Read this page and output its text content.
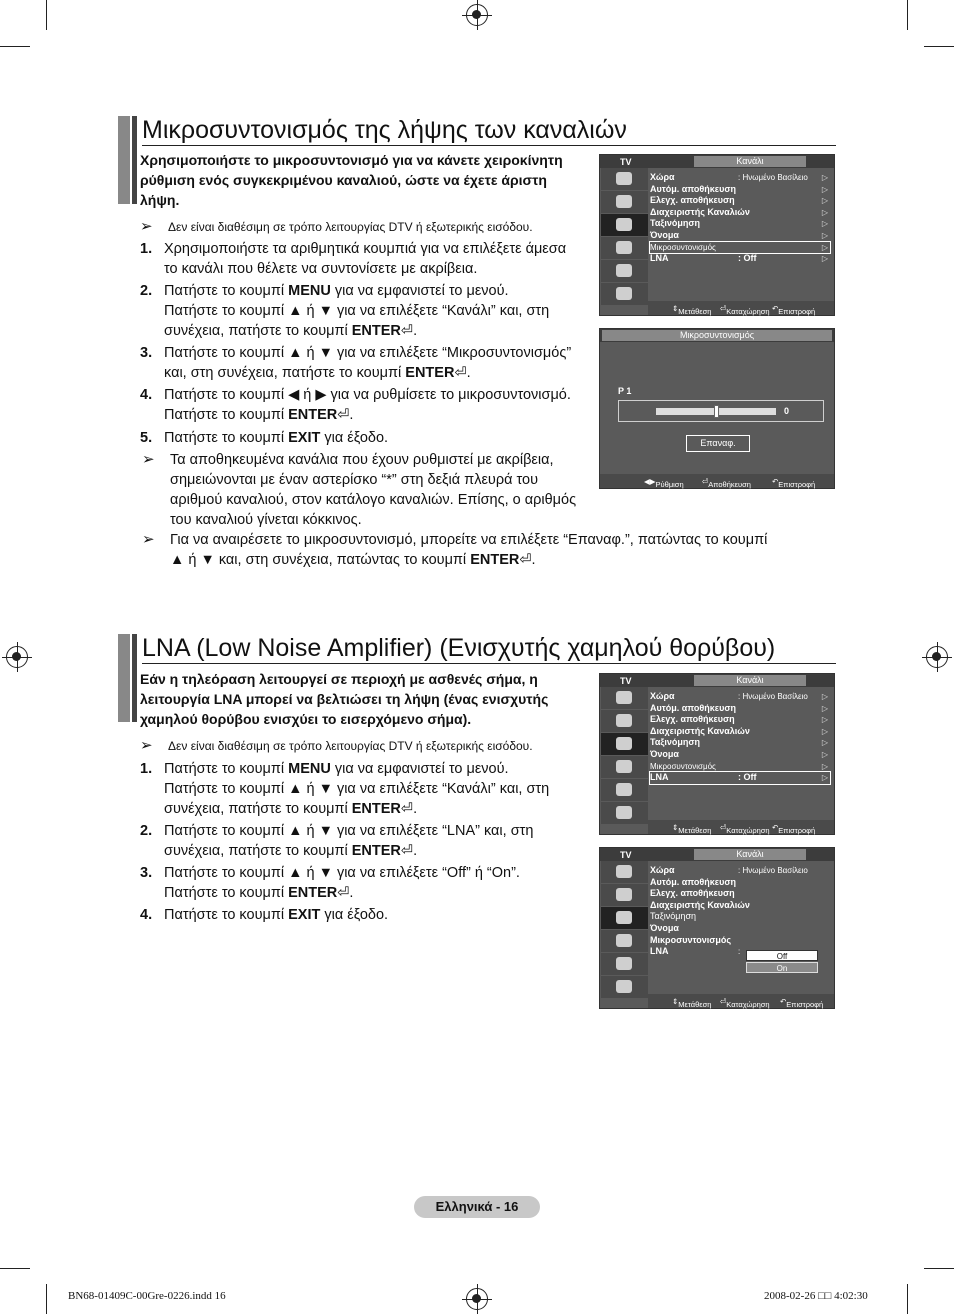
Μικροσυντονισμός της λήψης των καναλιών
Χρησιμοποιήστε το μικροσυντονισμό για να κάνετε χειροκίνητη
ρύθμιση ενός συγκεκριμένου καναλιού, ώστε να έχετε άριστη
λήψη.
➢ Δεν είναι διαθέσιμη σε τρόπο λειτουργίας DTV ή εξωτερικής εισόδου.
1. Χρησιμοποιήστε τα αριθμητικά κουμπιά για να επιλέξετε άμεσα
το κανάλι που θέλετε να συντονίσετε με ακρίβεια.
2. Πατήστε το κουμπί MENU για να εμφανιστεί το μενού.
Πατήστε το κουμπί ▲ ή ▼ για να επιλέξετε “Κανάλι” και, στη
συνέχεια, πατήστε το κουμπί ENTER⏎.
3. Πατήστε το κουμπί ▲ ή ▼ για να επιλέξετε “Μικροσυντονισμός”
και, στη συνέχεια, πατήστε το κουμπί ENTER⏎.
4. Πατήστε το κουμπί ◀ ή ▶ για να ρυθμίσετε το μικροσυντονισμό.
Πατήστε το κουμπί ENTER⏎.
5. Πατήστε το κουμπί EXIT για έξοδο.
➢ Τα αποθηκευμένα κανάλια που έχουν ρυθμιστεί με ακρίβεια,
σημειώνονται με έναν αστερίσκο “*” στη δεξιά πλευρά του
αριθμού καναλιού, στον κατάλογο καναλιών. Επίσης, ο αριθμός
του καναλιού γίνεται κόκκινος.
➢ Για να αναιρέσετε το μικροσυντονισμό, μπορείτε να επιλέξετε “Επαναφ.”, πατώντας το κουμπί
▲ ή ▼ και, στη συνέχεια, πατώντας το κουμπί ENTER⏎.
TV	Κανάλι
Χώρα	: Ηνωμένο Βασίλειο ▷
Αυτόμ. αποθήκευση	▷
Ελεγχ. αποθήκευση	▷
Διαχειριστής Καναλιών	▷
Ταξινόμηση	▷
Όνομα	▷
Μικροσυντονισμός	▷
LNA	: Off	▷
⇕ Μετάθεση ⏎ Καταχώρηση ↶ Επιστροφή
Μικροσυντονισμός
P 1
0
Επαναφ.
◀▶ Ρύθμιση ⏎ Αποθήκευση	↶ Επιστροφή
LNA (Low Noise Amplifier) (Ενισχυτής χαμηλού θορύβου)
Εάν η τηλεόραση λειτουργεί σε περιοχή με ασθενές σήμα, η
λειτουργία LNA μπορεί να βελτιώσει τη λήψη (ένας ενισχυτής
χαμηλού θορύβου ενισχύει το εισερχόμενο σήμα).
➢ Δεν είναι διαθέσιμη σε τρόπο λειτουργίας DTV ή εξωτερικής εισόδου.
1. Πατήστε το κουμπί MENU για να εμφανιστεί το μενού.
Πατήστε το κουμπί ▲ ή ▼ για να επιλέξετε “Κανάλι” και, στη
συνέχεια, πατήστε το κουμπί ENTER⏎.
2. Πατήστε το κουμπί ▲ ή ▼ για να επιλέξετε “LNA” και, στη
συνέχεια, πατήστε το κουμπί ENTER⏎.
3. Πατήστε το κουμπί ▲ ή ▼ για να επιλέξετε “Off” ή “On”.
Πατήστε το κουμπί ENTER⏎.
4. Πατήστε το κουμπί EXIT για έξοδο.
TV	Κανάλι
Χώρα	: Ηνωμένο Βασίλειο ▷
Αυτόμ. αποθήκευση	▷
Ελεγχ. αποθήκευση	▷
Διαχειριστής Καναλιών	▷
Ταξινόμηση	▷
Όνομα	▷
Μικροσυντονισμός	▷
LNA	: Off	▷
⇕ Μετάθεση ⏎ Καταχώρηση ↶ Επιστροφή
TV	Κανάλι
Χώρα	: Ηνωμένο Βασίλειο
Αυτόμ. αποθήκευση
Ελεγχ. αποθήκευση
Διαχειριστής Καναλιών
Ταξινόμηση
Όνομα
Μικροσυντονισμός
LNA	:
Off
On
⇕ Μετάθεση ⏎ Καταχώρηση ↶ Επιστροφή
Ελληνικά - 16
BN68-01409C-00Gre-0226.indd 16	2008-02-26 □□ 4:02:30
